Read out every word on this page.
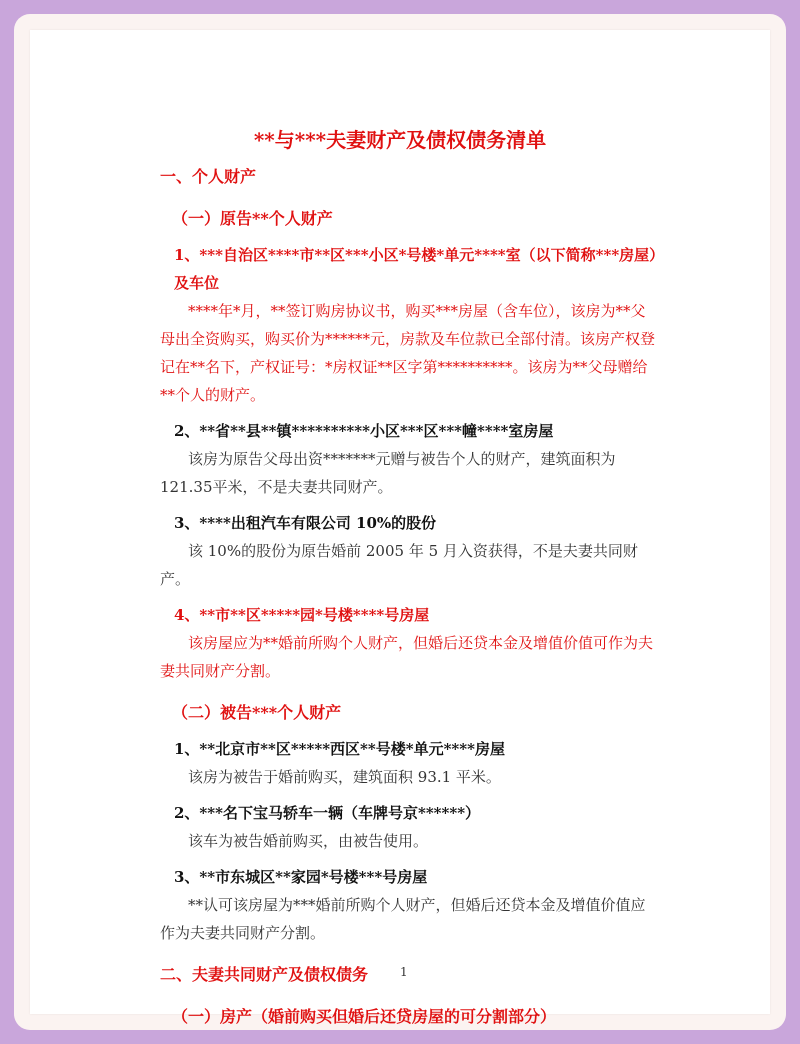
**与***夫妻财产及债权债务清单
一、个人财产
（一）原告**个人财产
1、***自治区****市**区***小区*号楼*单元****室（以下简称***房屋）及车位
****年*月，**签订购房协议书，购买***房屋（含车位），该房为**父母出全资购买，购买价为******元，房款及车位款已全部付清。该房产权登记在**名下，产权证号：*房权证**区字第**********。该房为**父母赠给**个人的财产。
2、**省**县**镇**********小区***区***幢****室房屋
该房为原告父母出资*******元赠与被告个人的财产，建筑面积为 121.35平米，不是夫妻共同财产。
3、****出租汽车有限公司 10%的股份
该 10%的股份为原告婚前 2005 年 5 月入资获得，不是夫妻共同财产。
4、**市**区*****园*号楼****号房屋
该房屋应为**婚前所购个人财产，但婚后还贷本金及增值价值可作为夫妻共同财产分割。
（二）被告***个人财产
1、**北京市**区*****西区**号楼*单元****房屋
该房为被告于婚前购买，建筑面积 93.1 平米。
2、***名下宝马轿车一辆（车牌号京******）
该车为被告婚前购买，由被告使用。
3、**市东城区**家园*号楼***号房屋
**认可该房屋为***婚前所购个人财产，但婚后还贷本金及增值价值应作为夫妻共同财产分割。
二、夫妻共同财产及债权债务
（一）房产（婚前购买但婚后还贷房屋的可分割部分）
1
